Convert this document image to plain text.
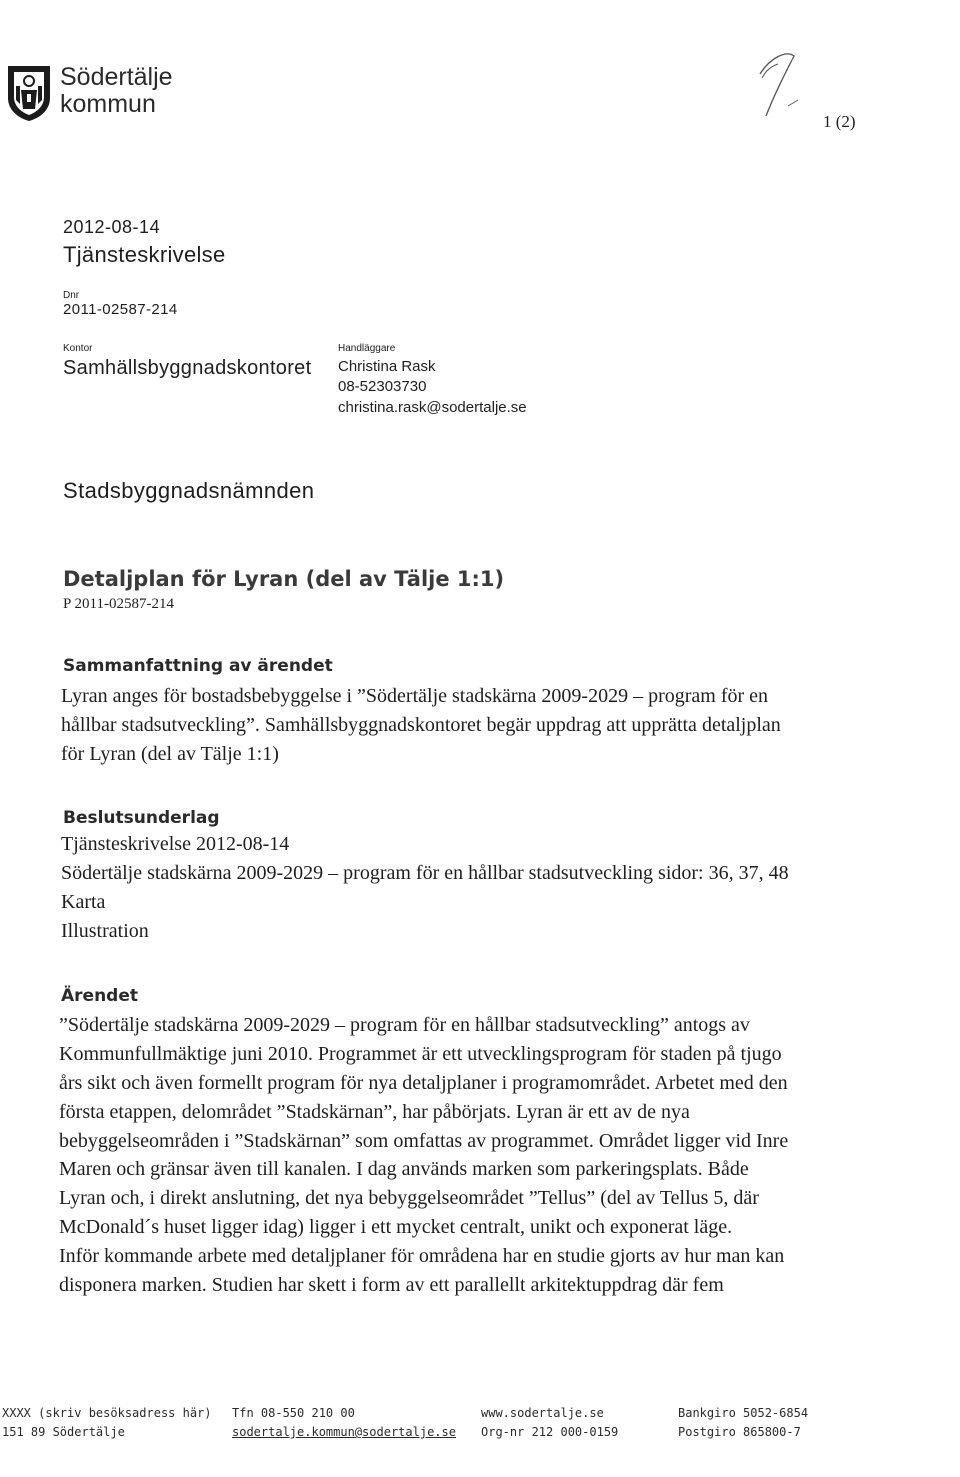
Södertälje
kommun
1 (2)
2012-08-14
Tjänsteskrivelse
Dnr
2011-02587-214
Kontor
Samhällsbyggnadskontoret
Handläggare
Christina Rask
08-52303730
christina.rask@sodertalje.se
Stadsbyggnadsnämnden
Detaljplan för Lyran (del av Tälje 1:1)
P 2011-02587-214
Sammanfattning av ärendet
Lyran anges för bostadsbebyggelse i ”Södertälje stadskärna 2009-2029 – program för en
hållbar stadsutveckling”. Samhällsbyggnadskontoret begär uppdrag att upprätta detaljplan
för Lyran (del av Tälje 1:1)
Beslutsunderlag
Tjänsteskrivelse 2012-08-14
Södertälje stadskärna 2009-2029 – program för en hållbar stadsutveckling sidor: 36, 37, 48
Karta
Illustration
Ärendet
”Södertälje stadskärna 2009-2029 – program för en hållbar stadsutveckling” antogs av
Kommunfullmäktige juni 2010. Programmet är ett utvecklingsprogram för staden på tjugo
års sikt och även formellt program för nya detaljplaner i programområdet. Arbetet med den
första etappen, delområdet ”Stadskärnan”, har påbörjats. Lyran är ett av de nya
bebyggelseområden i ”Stadskärnan” som omfattas av programmet. Området ligger vid Inre
Maren och gränsar även till kanalen. I dag används marken som parkeringsplats. Både
Lyran och, i direkt anslutning, det nya bebyggelseområdet ”Tellus” (del av Tellus 5, där
McDonald´s huset ligger idag) ligger i ett mycket centralt, unikt och exponerat läge.
Inför kommande arbete med detaljplaner för områdena har en studie gjorts av hur man kan
disponera marken. Studien har skett i form av ett parallellt arkitektuppdrag där fem
XXXX (skriv besöksadress här)
151 89 Södertälje
Tfn 08-550 210 00
sodertalje.kommun@sodertalje.se
www.sodertalje.se
Org-nr 212 000-0159
Bankgiro 5052-6854
Postgiro 865800-7
